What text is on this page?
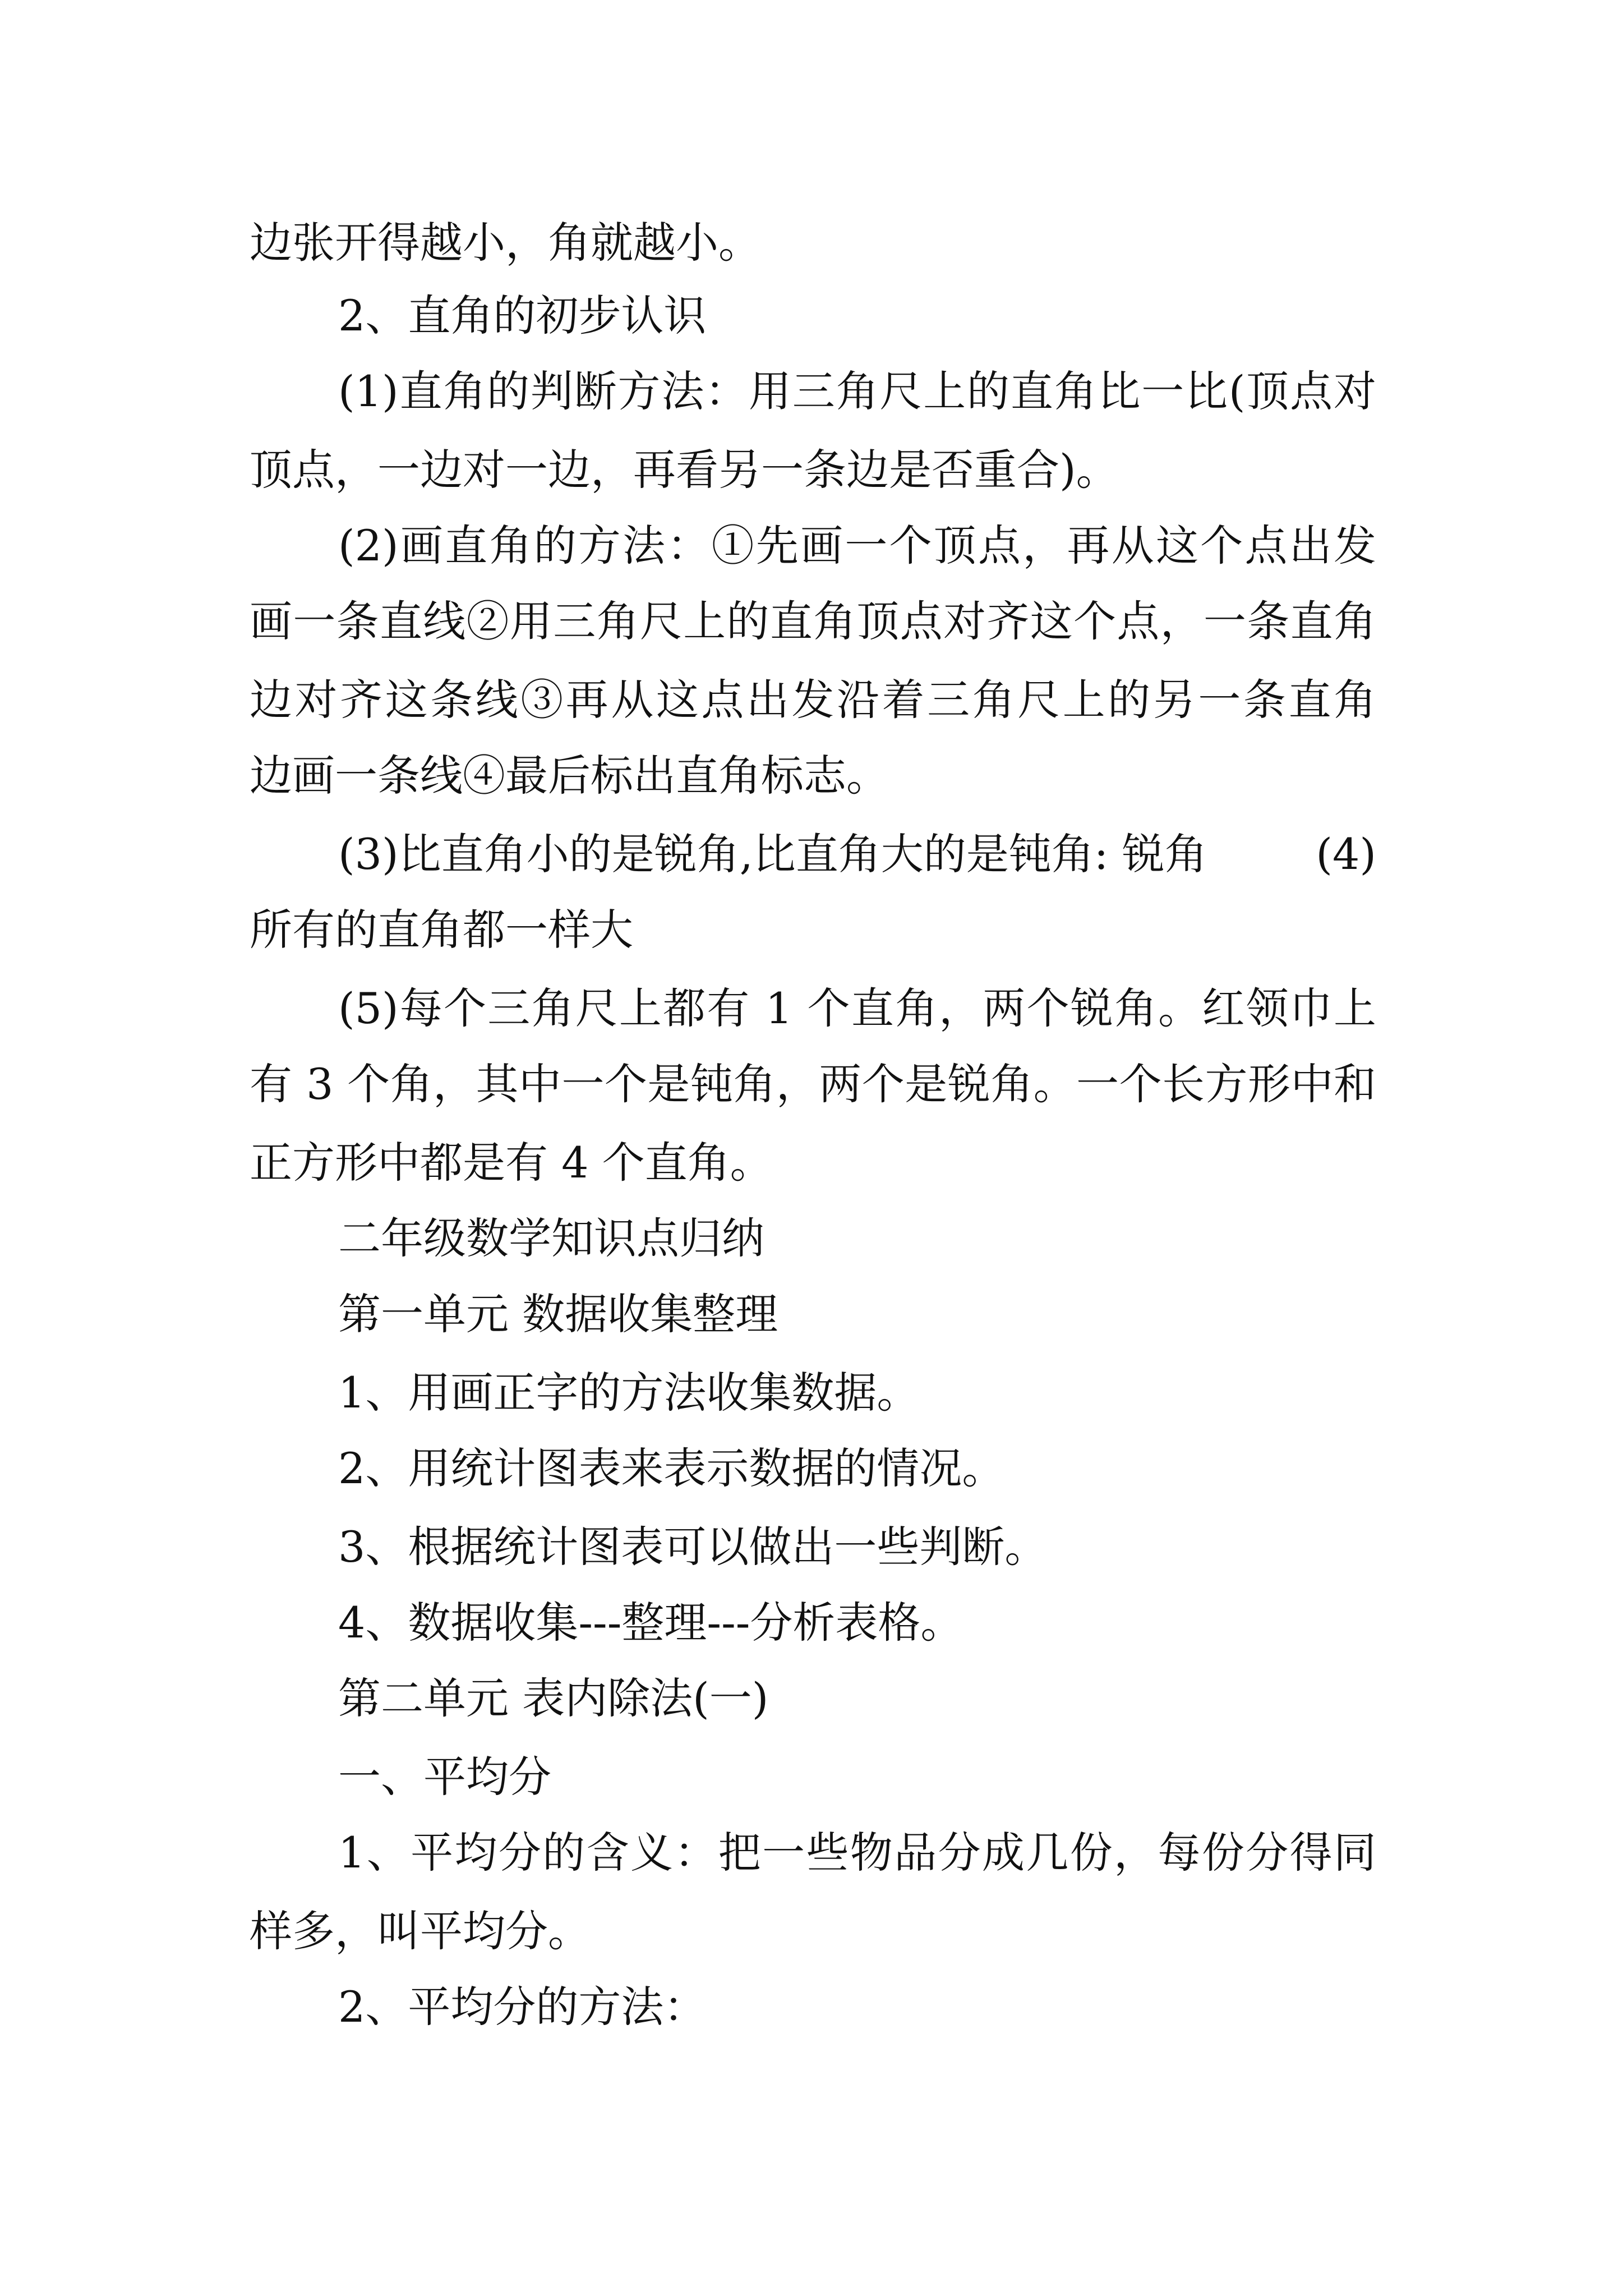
边张开得越小，角就越小。
2、直角的初步认识
(1)直角的判断方法：用三角尺上的直角比一比(顶点对
顶点，一边对一边，再看另一条边是否重合)。
(2)画直角的方法：①先画一个顶点，再从这个点出发
画一条直线②用三角尺上的直角顶点对齐这个点，一条直角
边对齐这条线③再从这点出发沿着三角尺上的另一条直角
边画一条线④最后标出直角标志。
(3)比直角小的是锐角,比直角大的是钝角: 锐角	(4)
所有的直角都一样大
(5)每个三角尺上都有 1 个直角，两个锐角。红领巾上
有 3 个角，其中一个是钝角，两个是锐角。一个长方形中和
正方形中都是有 4 个直角。
二年级数学知识点归纳
第一单元 数据收集整理
1、用画正字的方法收集数据。
2、用统计图表来表示数据的情况。
3、根据统计图表可以做出一些判断。
4、数据收集---整理---分析表格。
第二单元 表内除法(一)
一、平均分
1、平均分的含义：把一些物品分成几份，每份分得同
样多，叫平均分。
2、平均分的方法：
